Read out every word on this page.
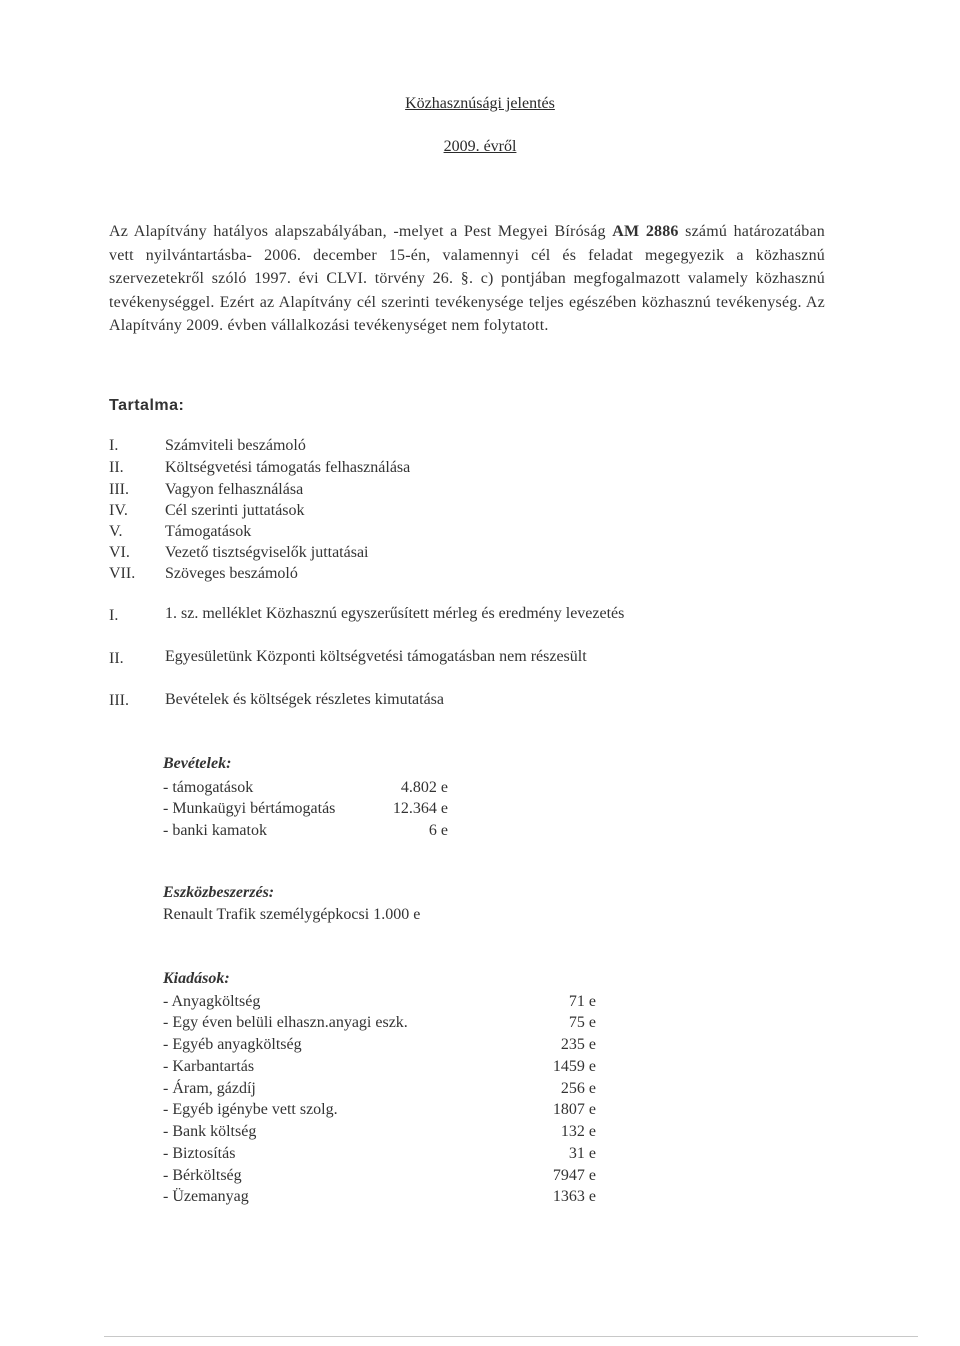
Közhasznúsági jelentés
2009. évről
Az Alapítvány hatályos alapszabályában, -melyet a Pest Megyei Bíróság AM 2886 számú határozatában vett nyilvántartásba- 2006. december 15-én, valamennyi cél és feladat megegyezik a közhasznú szervezetekről szóló 1997. évi CLVI. törvény 26. §. c) pontjában megfogalmazott valamely közhasznú tevékenységgel. Ezért az Alapítvány cél szerinti tevékenysége teljes egészében közhasznú tevékenység. Az Alapítvány 2009. évben vállalkozási tevékenységet nem folytatott.
Tartalma:
I.	Számviteli beszámoló
II.	Költségvetési támogatás felhasználása
III. Vagyon felhasználása
IV. Cél szerinti juttatások
V.	Támogatások
VI. Vezető tisztségviselők juttatásai
VII. Szöveges beszámoló
I.	1. sz. melléklet Közhasznú egyszerűsített mérleg és eredmény levezetés
II.	Egyesületünk Központi költségvetési támogatásban nem részesült
III. Bevételek és költségek részletes kimutatása
Bevételek:
- támogatások	4.802 e
- Munkaügyi bértámogatás	12.364 e
- banki kamatok	6 e
Eszközbeszerzés:
Renault Trafik személygépkocsi 1.000 e
Kiadások:
- Anyagköltség	71 e
- Egy éven belüli elhaszn.anyagi eszk.	75 e
- Egyéb anyagköltség	235 e
- Karbantartás	1459 e
- Áram, gázdíj	256 e
- Egyéb igénybe vett szolg.	1807 e
- Bank költség	132 e
- Biztosítás	31 e
- Bérköltség	7947 e
- Üzemanyag	1363 e
